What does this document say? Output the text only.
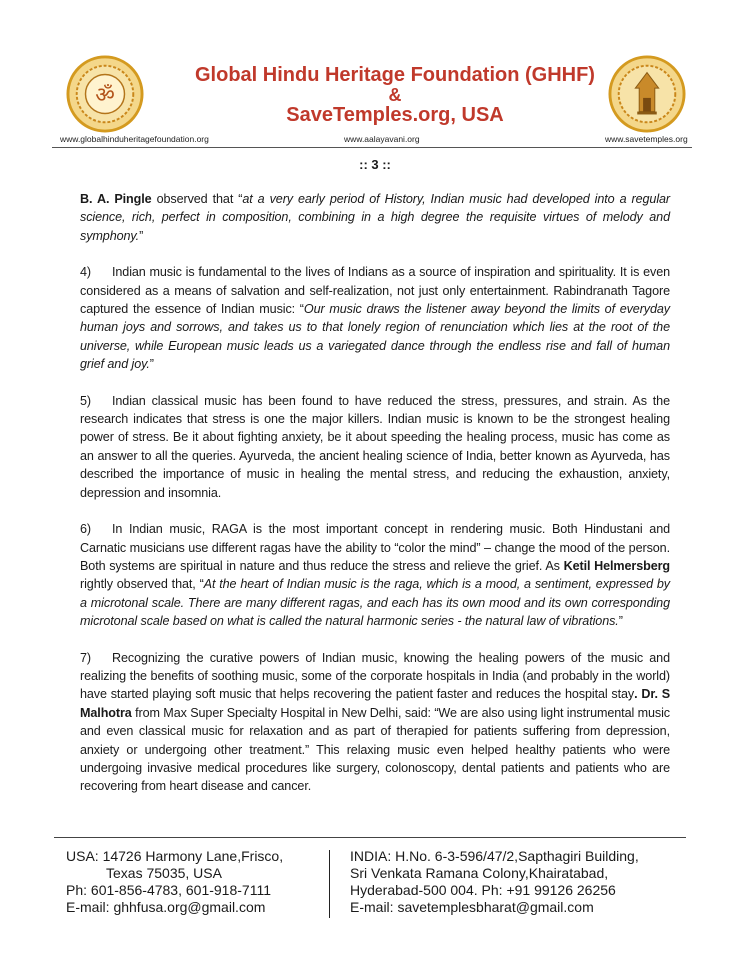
ॐ
Global Hindu Heritage Foundation (GHHF)
&
SaveTemples.org, USA
www.globalhinduheritagefoundation.org	www.aalayavani.org	www.savetemples.org
:: 3 ::

B. A. Pingle observed that “at a very early period of History, Indian music had developed into a regular science, rich, perfect in composition, combining in a high degree the requisite virtues of melody and symphony.”

4) Indian music is fundamental to the lives of Indians as a source of inspiration and spirituality. It is even considered as a means of salvation and self-realization, not just only entertainment. Rabindranath Tagore captured the essence of Indian music: “Our music draws the listener away beyond the limits of everyday human joys and sorrows, and takes us to that lonely region of renunciation which lies at the root of the universe, while European music leads us a variegated dance through the endless rise and fall of human grief and joy.”

5) Indian classical music has been found to have reduced the stress, pressures, and strain. As the research indicates that stress is one the major killers. Indian music is known to be the strongest healing power of stress. Be it about fighting anxiety, be it about speeding the healing process, music has come as an answer to all the queries. Ayurveda, the ancient healing science of India, better known as Ayurveda, has described the importance of music in healing the mental stress, and reducing the exhaustion, anxiety, depression and insomnia.

6) In Indian music, RAGA is the most important concept in rendering music. Both Hindustani and Carnatic musicians use different ragas have the ability to “color the mind” – change the mood of the person. Both systems are spiritual in nature and thus reduce the stress and relieve the grief. As Ketil Helmersberg rightly observed that, “At the heart of Indian music is the raga, which is a mood, a sentiment, expressed by a microtonal scale. There are many different ragas, and each has its own mood and its own corresponding microtonal scale based on what is called the natural harmonic series - the natural law of vibrations.”

7) Recognizing the curative powers of Indian music, knowing the healing powers of the music and realizing the benefits of soothing music, some of the corporate hospitals in India (and probably in the world) have started playing soft music that helps recovering the patient faster and reduces the hospital stay. Dr. S Malhotra from Max Super Specialty Hospital in New Delhi, said: “We are also using light instrumental music and even classical music for relaxation and as part of therapied for patients suffering from depression, anxiety or undergoing other treatment.” This relaxing music even helped healthy patients who were undergoing invasive medical procedures like surgery, colonoscopy, dental patients and patients who are recovering from heart disease and cancer.

USA: 14726 Harmony Lane,Frisco,
Texas 75035, USA
Ph: 601-856-4783, 601-918-7111
E-mail: ghhfusa.org@gmail.com
INDIA: H.No. 6-3-596/47/2,Sapthagiri Building,
Sri Venkata Ramana Colony,Khairatabad,
Hyderabad-500 004. Ph: +91 99126 26256
E-mail: savetemplesbharat@gmail.com
